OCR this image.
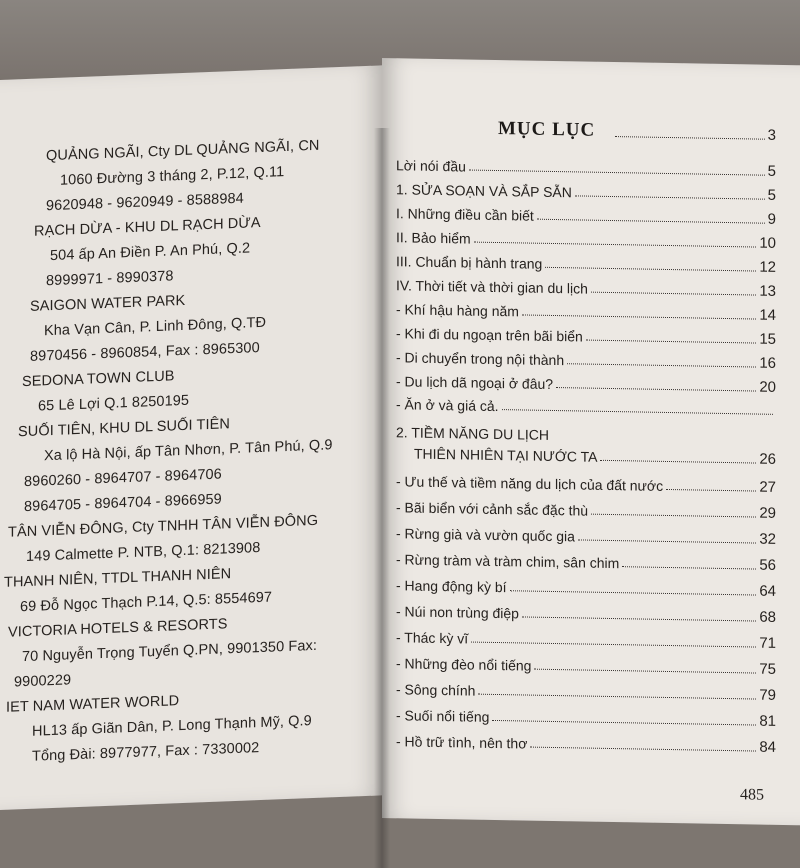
QUẢNG NGÃI, Cty DL QUẢNG NGÃI, CN
1060 Đường 3 tháng 2, P.12, Q.11
9620948 - 9620949 - 8588984
RẠCH DỪA - KHU DL RẠCH DỪA
504 ấp An Điền P. An Phú, Q.2
8999971 - 8990378
SAIGON WATER PARK
Kha Vạn Cân, P. Linh Đông, Q.TĐ
8970456 - 8960854, Fax : 8965300
SEDONA TOWN CLUB
65 Lê Lợi Q.1 8250195
SUỐI TIÊN, KHU DL SUỐI TIÊN
Xa lộ Hà Nội, ấp Tân Nhơn, P. Tân Phú, Q.9
8960260 - 8964707 - 8964706
8964705 - 8964704 - 8966959
TÂN VIỄN ĐÔNG, Cty TNHH TÂN VIỄN ĐÔNG
149 Calmette P. NTB, Q.1: 8213908
THANH NIÊN, TTDL THANH NIÊN
69 Đỗ Ngọc Thạch P.14, Q.5: 8554697
VICTORIA HOTELS & RESORTS
70 Nguyễn Trọng Tuyển Q.PN, 9901350 Fax:
9900229
IET NAM WATER WORLD
HL13 ấp Giãn Dân, P. Long Thạnh Mỹ, Q.9
Tổng Đài: 8977977, Fax : 7330002
MỤC LỤC	3
Lời nói đầu	5
1. SỬA SOẠN VÀ SẮP SẴN	5
I. Những điều cần biết	9
II. Bảo hiểm	10
III. Chuẩn bị hành trang	12
IV. Thời tiết và thời gian du lịch	13
- Khí hậu hàng năm	14
- Khi đi du ngoạn trên bãi biển	15
- Di chuyển trong nội thành	16
- Du lịch dã ngoại ở đâu?	20
- Ăn ở và giá cả.
2. TIỀM NĂNG DU LỊCH
THIÊN NHIÊN TẠI NƯỚC TA	26
- Ưu thế và tiềm năng du lịch của đất nước	27
- Bãi biển với cảnh sắc đặc thù	29
- Rừng già và vườn quốc gia	32
- Rừng tràm và tràm chim, sân chim	56
- Hang động kỳ bí	64
- Núi non trùng điệp	68
- Thác kỳ vĩ	71
- Những đèo nổi tiếng	75
- Sông chính	79
- Suối nổi tiếng	81
- Hồ trữ tình, nên thơ	84
485
